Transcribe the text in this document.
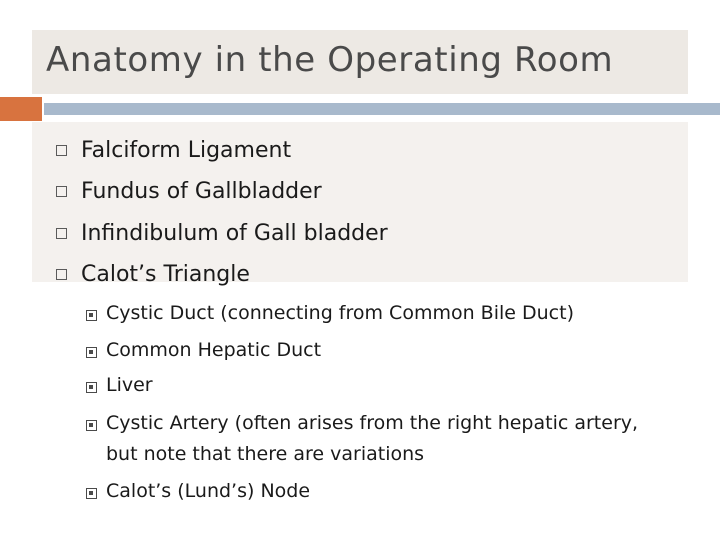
Anatomy in the Operating Room
Falciform Ligament
Fundus of Gallbladder
Infindibulum of Gall bladder
Calot’s Triangle
Cystic Duct (connecting from Common Bile Duct)
Common Hepatic Duct
Liver
Cystic Artery (often arises from the right hepatic artery,
but note that there are variations
Calot’s (Lund’s) Node
